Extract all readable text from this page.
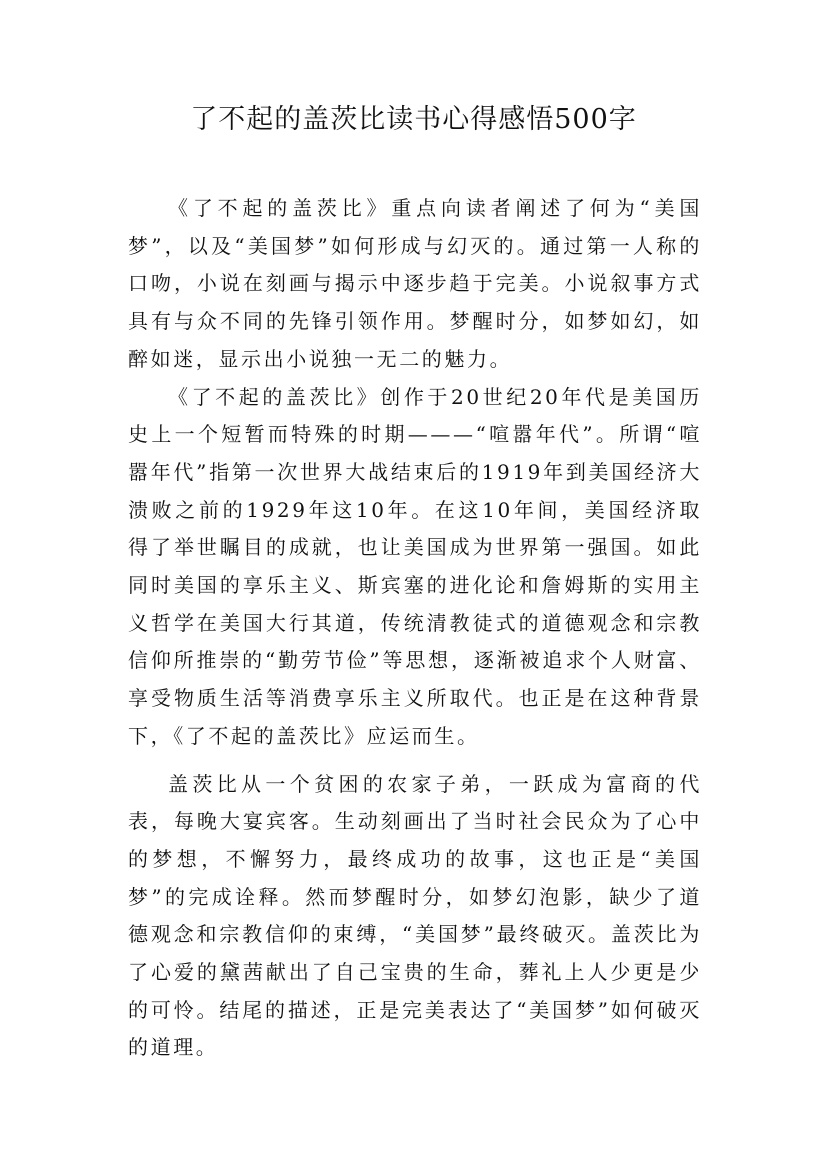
了不起的盖茨比读书心得感悟500字

《了不起的盖茨比》重点向读者阐述了何为“美国梦”，以及“美国梦”如何形成与幻灭的。通过第一人称的口吻，小说在刻画与揭示中逐步趋于完美。小说叙事方式具有与众不同的先锋引领作用。梦醒时分，如梦如幻，如醉如迷，显示出小说独一无二的魅力。

《了不起的盖茨比》创作于20世纪20年代是美国历史上一个短暂而特殊的时期———“喧嚣年代”。所谓“喧嚣年代”指第一次世界大战结束后的1919年到美国经济大溃败之前的1929年这10年。在这10年间，美国经济取得了举世瞩目的成就，也让美国成为世界第一强国。如此同时美国的享乐主义、斯宾塞的进化论和詹姆斯的实用主义哲学在美国大行其道，传统清教徒式的道德观念和宗教信仰所推崇的“勤劳节俭”等思想，逐渐被追求个人财富、享受物质生活等消费享乐主义所取代。也正是在这种背景下，《了不起的盖茨比》应运而生。

盖茨比从一个贫困的农家子弟，一跃成为富商的代表，每晚大宴宾客。生动刻画出了当时社会民众为了心中的梦想，不懈努力，最终成功的故事，这也正是“美国梦”的完成诠释。然而梦醒时分，如梦幻泡影，缺少了道德观念和宗教信仰的束缚，“美国梦”最终破灭。盖茨比为了心爱的黛茜献出了自己宝贵的生命，葬礼上人少更是少的可怜。结尾的描述，正是完美表达了“美国梦”如何破灭的道理。
